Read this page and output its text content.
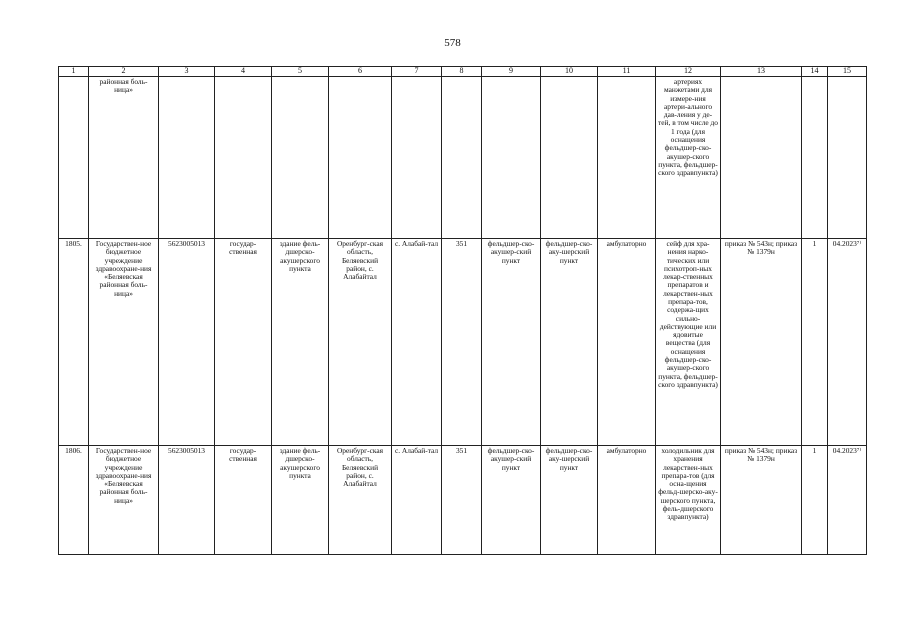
578
1	2	3	4	5	6	7	8	9	10	11	12	13	14	15
	районная боль-ница»										артериях манжетами для измере-ния артери-ального дав-ления у де-тей, в том числе до 1 года (для оснащения фельдшер-ско-акушер-ского пункта, фельдшер-ского здравпункта)			
1805.	Государствен-ное бюджетное учреждение здравоохране-ния «Беляевская районная боль-ница»	5623005013	государ-ственная	здание фель-дшерско-акушерского пункта	Оренбург-ская область, Беляевский район, с. Алабайтал	с. Алабай-тал	351	фельдшер-ско-акушер-ский пункт	фельдшер-ско-аку-шерский пункт	амбулаторно	сейф для хра-нения нарко-тических или психотроп-ных лекар-ственных препаратов и лекарствен-ных препара-тов, содержа-щих сильно-действующие или ядовитые вещества (для оснащения фельдшер-ско-акушер-ского пункта, фельдшер-ского здравпункта)	приказ № 543н; приказ № 1379н	1	04.2023⁷⁾
1806.	Государствен-ное бюджетное учреждение здравоохране-ния «Беляевская районная боль-ница»	5623005013	государ-ственная	здание фель-дшерско-акушерского пункта	Оренбург-ская область, Беляевский район, с. Алабайтал	с. Алабай-тал	351	фельдшер-ско-акушер-ский пункт	фельдшер-ско-аку-шерский пункт	амбулаторно	холодильник для хранения лекарствен-ных препара-тов (для осна-щения фельд-шерско-аку-шерского пункта, фель-дшерского здравпункта)	приказ № 543н; приказ № 1379н	1	04.2023⁷⁾
